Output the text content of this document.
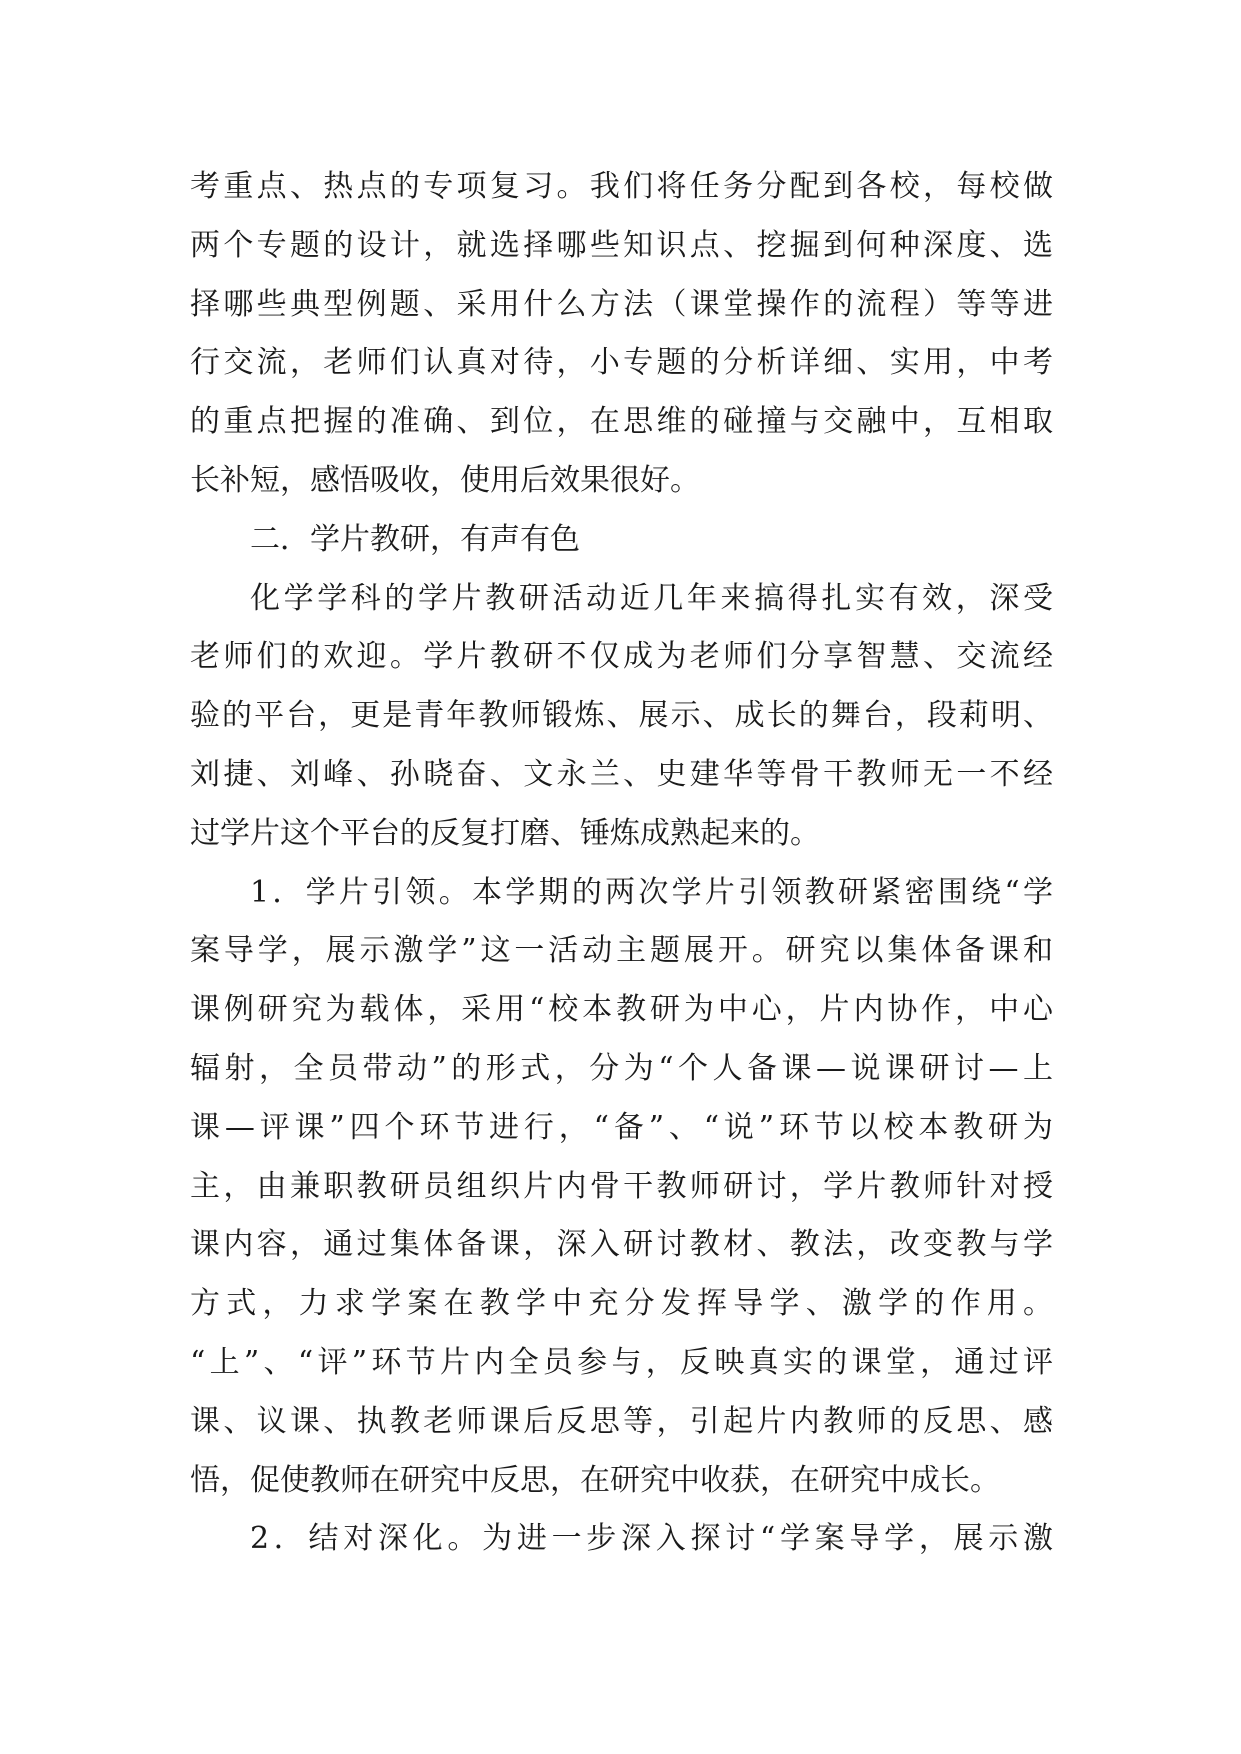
考重点、热点的专项复习。我们将任务分配到各校，每校做
两个专题的设计，就选择哪些知识点、挖掘到何种深度、选
择哪些典型例题、采用什么方法（课堂操作的流程）等等进
行交流，老师们认真对待，小专题的分析详细、实用，中考
的重点把握的准确、到位，在思维的碰撞与交融中，互相取
长补短，感悟吸收，使用后效果很好。
二．学片教研，有声有色
化学学科的学片教研活动近几年来搞得扎实有效，深受
老师们的欢迎。学片教研不仅成为老师们分享智慧、交流经
验的平台，更是青年教师锻炼、展示、成长的舞台，段莉明、
刘捷、刘峰、孙晓奋、文永兰、史建华等骨干教师无一不经
过学片这个平台的反复打磨、锤炼成熟起来的。
1．学片引领。本学期的两次学片引领教研紧密围绕“学
案导学，展示激学”这一活动主题展开。研究以集体备课和
课例研究为载体，采用“校本教研为中心，片内协作，中心
辐射，全员带动”的形式，分为“个人备课—说课研讨—上
课—评课”四个环节进行，“备”、“说”环节以校本教研为
主，由兼职教研员组织片内骨干教师研讨，学片教师针对授
课内容，通过集体备课，深入研讨教材、教法，改变教与学
方式，力求学案在教学中充分发挥导学、激学的作用。
“上”、“评”环节片内全员参与，反映真实的课堂，通过评
课、议课、执教老师课后反思等，引起片内教师的反思、感
悟，促使教师在研究中反思，在研究中收获，在研究中成长。
2．结对深化。为进一步深入探讨“学案导学，展示激
